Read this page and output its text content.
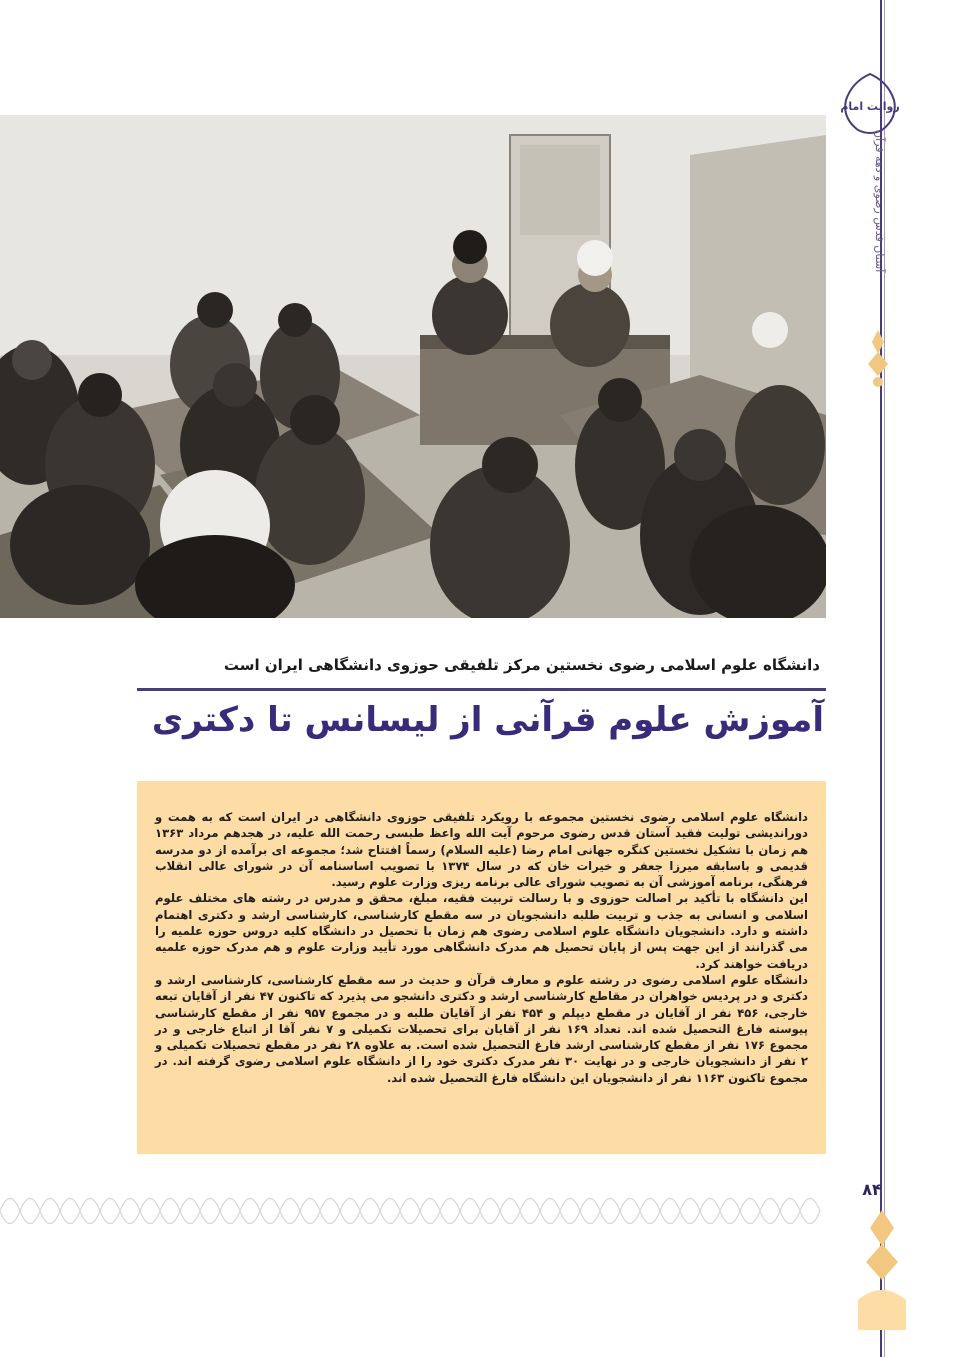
دانشگاه علوم اسلامی رضوی نخستین مرکز تلفیقی حوزوی دانشگاهی ایران است
آموزش علوم قرآنی از لیسانس تا دکتری

دانشگاه علوم اسلامی رضوی نخستین مجموعه با رویکرد تلفیقی حوزوی دانشگاهی در ایران است که به همت و دوراندیشی تولیت فقید آستان قدس رضوی مرحوم آیت الله واعظ طبسی رحمت الله علیه، در هجدهم مرداد ۱۳۶۳ هم زمان با تشکیل نخستین کنگره جهانی امام رضا (علیه السلام) رسماً افتتاح شد؛ مجموعه ای برآمده از دو مدرسه قدیمی و باسابقه میرزا جعفر و خیرات خان که در سال ۱۳۷۴ با تصویب اساسنامه آن در شورای عالی انقلاب فرهنگی، برنامه آموزشی آن به تصویب شورای عالی برنامه ریزی وزارت علوم رسید.

این دانشگاه با تأکید بر اصالت حوزوی و با رسالت تربیت فقیه، مبلغ، محقق و مدرس در رشته های مختلف علوم اسلامی و انسانی به جذب و تربیت طلبه دانشجویان در سه مقطع کارشناسی، کارشناسی ارشد و دکتری اهتمام داشته و دارد. دانشجویان دانشگاه علوم اسلامی رضوی هم زمان با تحصیل در دانشگاه کلیه دروس حوزه علمیه را می گذرانند از این جهت پس از پایان تحصیل هم مدرک دانشگاهی مورد تأیید وزارت علوم و هم مدرک حوزه علمیه دریافت خواهند کرد.

دانشگاه علوم اسلامی رضوی در رشته علوم و معارف قرآن و حدیث در سه مقطع کارشناسی، کارشناسی ارشد و دکتری و در پردیس خواهران در مقاطع کارشناسی ارشد و دکتری دانشجو می پذیرد که تاکنون ۴۷ نفر از آقایان تبعه خارجی، ۴۵۶ نفر از آقایان در مقطع دیپلم و ۴۵۴ نفر از آقایان طلبه و در مجموع ۹۵۷ نفر از مقطع کارشناسی پیوسته فارغ التحصیل شده اند. تعداد ۱۶۹ نفر از آقایان برای تحصیلات تکمیلی و ۷ نفر آقا از اتباع خارجی و در مجموع ۱۷۶ نفر از مقطع کارشناسی ارشد فارغ التحصیل شده است. به علاوه ۲۸ نفر در مقطع تحصیلات تکمیلی و ۲ نفر از دانشجویان خارجی و در نهایت ۳۰ نفر مدرک دکتری خود را از دانشگاه علوم اسلامی رضوی گرفته اند. در مجموع تاکنون ۱۱۶۳ نفر از دانشجویان این دانشگاه فارغ التحصیل شده اند.

روایت امام
آستان قدس رضوی و دهه قرآن
۸۴
